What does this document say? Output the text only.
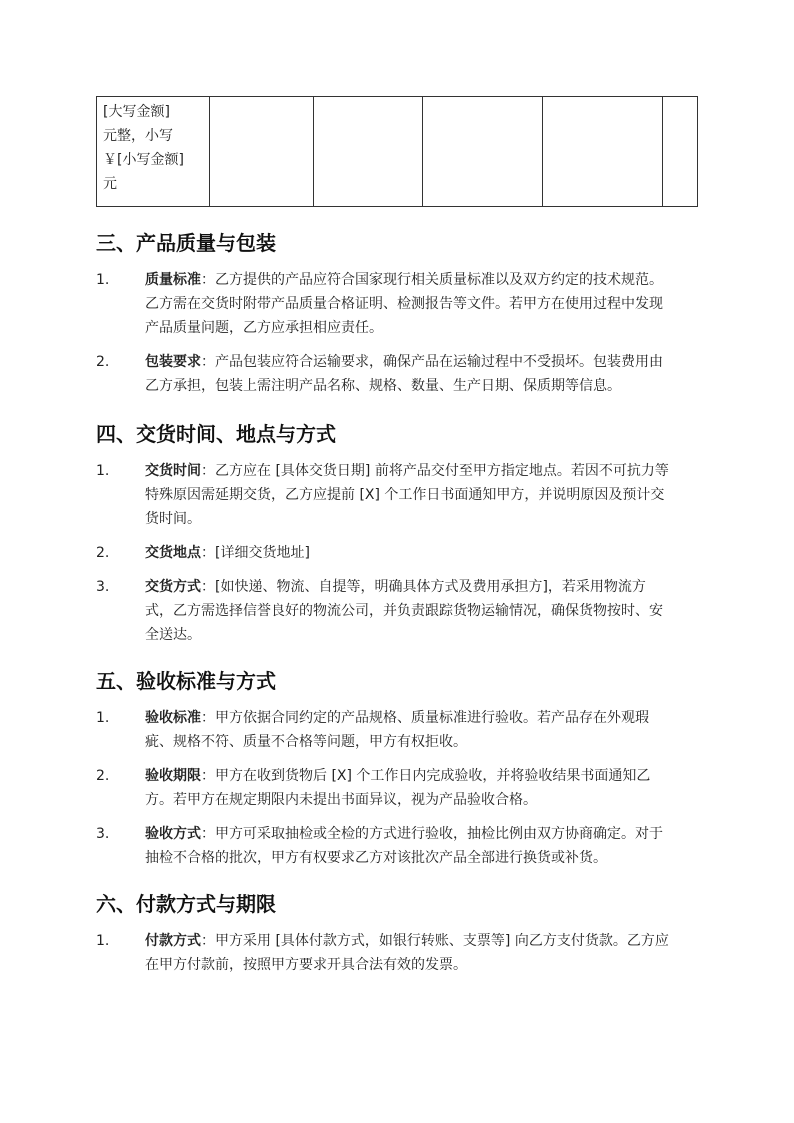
[大写金额]
元整，小写
￥[小写金额]
元

三、产品质量与包装
1.	质量标准：乙方提供的产品应符合国家现行相关质量标准以及双方约定的技术规范。
乙方需在交货时附带产品质量合格证明、检测报告等文件。若甲方在使用过程中发现
产品质量问题，乙方应承担相应责任。
2.	包装要求：产品包装应符合运输要求，确保产品在运输过程中不受损坏。包装费用由
乙方承担，包装上需注明产品名称、规格、数量、生产日期、保质期等信息。
四、交货时间、地点与方式
1.	交货时间：乙方应在 [具体交货日期] 前将产品交付至甲方指定地点。若因不可抗力等
特殊原因需延期交货，乙方应提前 [X] 个工作日书面通知甲方，并说明原因及预计交
货时间。
2.	交货地点：[详细交货地址]
3.	交货方式：[如快递、物流、自提等，明确具体方式及费用承担方]，若采用物流方
式，乙方需选择信誉良好的物流公司，并负责跟踪货物运输情况，确保货物按时、安
全送达。
五、验收标准与方式
1.	验收标准：甲方依据合同约定的产品规格、质量标准进行验收。若产品存在外观瑕
疵、规格不符、质量不合格等问题，甲方有权拒收。
2.	验收期限：甲方在收到货物后 [X] 个工作日内完成验收，并将验收结果书面通知乙
方。若甲方在规定期限内未提出书面异议，视为产品验收合格。
3.	验收方式：甲方可采取抽检或全检的方式进行验收，抽检比例由双方协商确定。对于
抽检不合格的批次，甲方有权要求乙方对该批次产品全部进行换货或补货。
六、付款方式与期限
1.	付款方式：甲方采用 [具体付款方式，如银行转账、支票等] 向乙方支付货款。乙方应
在甲方付款前，按照甲方要求开具合法有效的发票。
